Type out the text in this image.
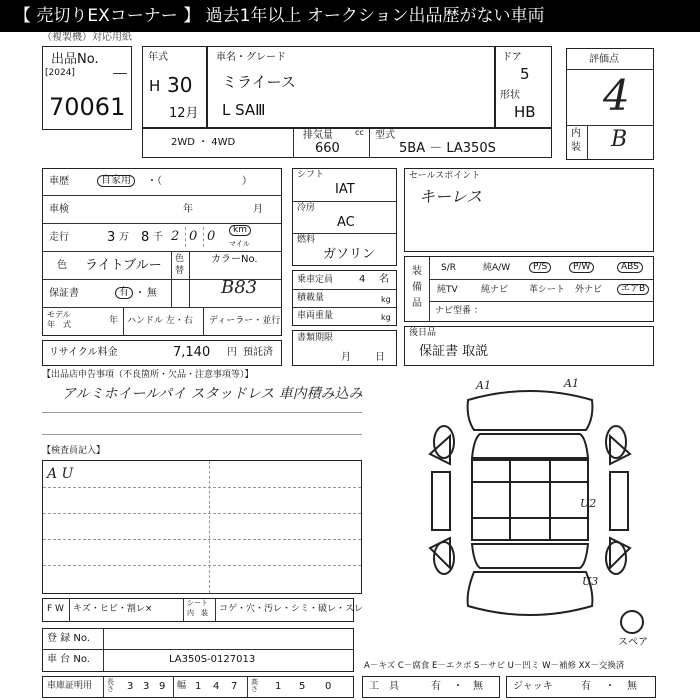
【 売切りEXコーナー 】 過去1年以上 オークション出品歴がない車両
（複製機）対応用紙
出品No.
[2024]
70061
年式
H 30
12月
車名・グレード
ミライース
L SAⅢ
ドア
5
形状
HB
評価点
4
内
装 B
2WD ・ 4WD
排気量	cc
660
型式
5BA － LA350S
車歴	自家用	・（　　　　　　　　）
車検	年	月
走行	3 万 8 千 2 0 0	km
マイル
色 ライトブルー 色
替
カラーNo.
B83
保証書	有 ・ 無
モデル
年　式	年 ハンドル 左・右 ディーラー・並行
リサイクル料金	7,140 円 預託済
シフト
IAT
冷房
AC
燃料
ガソリン
乗車定員	4 名
積載量	kg
車両重量	kg
書類期限
月 日
セールスポイント
キーレス
装
備
品
S/R	純A/W	P/S	P/W	ABS
純TV	純ナビ 革シート 外ナビ	エアB
ナビ型番 ：
後日品
保証書 取説
【出品店申告事項（不良箇所・欠品・注意事項等）】
アルミホイールパイ スタッドレス 車内積み込み
【検査員記入】
A U
A1	A1
U2
U3
スペア
F W キズ・ヒビ・割レ×
シート
内　装 コゲ・穴・汚レ・シミ・破レ・スレ
登 録 No.
車 台 No.	LA350S-0127013
車庫証明用 長さ 3 3 9 幅 1 4 7 高さ 1 5 0
A－キズ C－腐食 E－エクボ S－サビ U－凹ミ W－補修 XX－交換済
工　具	有 ・ 無	ジャッキ	有 ・ 無
